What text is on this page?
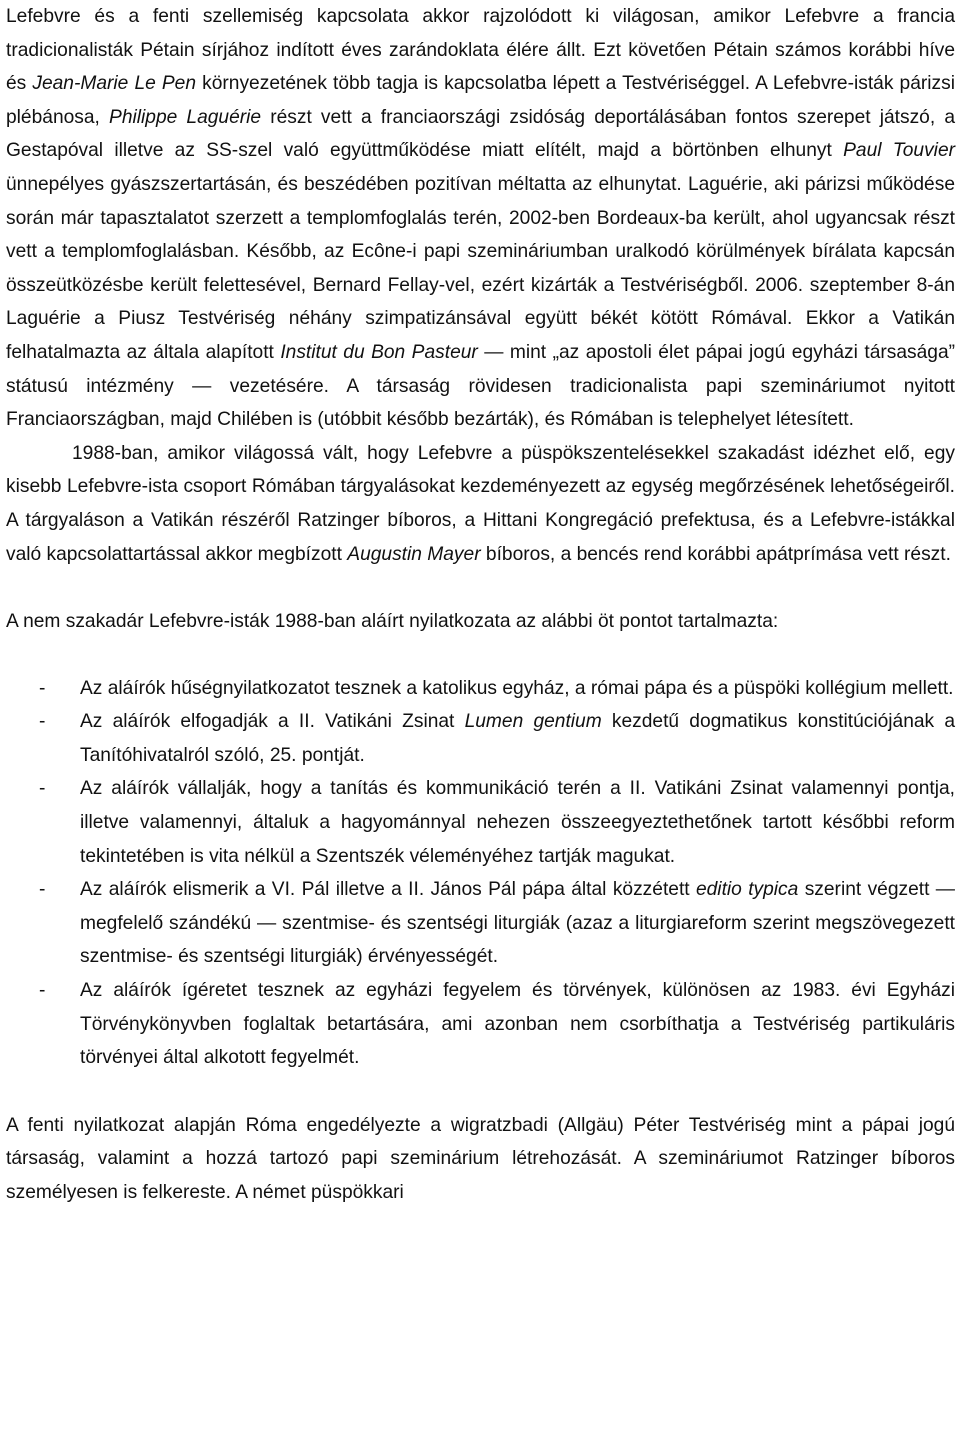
Lefebvre és a fenti szellemiség kapcsolata akkor rajzolódott ki világosan, amikor Lefebvre a francia tradicionalisták Pétain sírjához indított éves zarándoklata élére állt. Ezt követően Pétain számos korábbi híve és Jean-Marie Le Pen környezetének több tagja is kapcsolatba lépett a Testvériséggel. A Lefebvre-isták párizsi plébánosa, Philippe Laguérie részt vett a franciaországi zsidóság deportálásában fontos szerepet játszó, a Gestapóval illetve az SS-szel való együttműködése miatt elítélt, majd a börtönben elhunyt Paul Touvier ünnepélyes gyászszertartásán, és beszédében pozitívan méltatta az elhunytat. Laguérie, aki párizsi működése során már tapasztalatot szerzett a templomfoglalás terén, 2002-ben Bordeaux-ba került, ahol ugyancsak részt vett a templomfoglalásban. Később, az Ecône-i papi szemináriumban uralkodó körülmények bírálata kapcsán összeütközésbe került felettesével, Bernard Fellay-vel, ezért kizárták a Testvériségből. 2006. szeptember 8-án Laguérie a Piusz Testvériség néhány szimpatizánsával együtt békét kötött Rómával. Ekkor a Vatikán felhatalmazta az általa alapított Institut du Bon Pasteur — mint „az apostoli élet pápai jogú egyházi társasága” státusú intézmény — vezetésére. A társaság rövidesen tradicionalista papi szemináriumot nyitott Franciaországban, majd Chilében is (utóbbit később bezárták), és Rómában is telephelyet létesített.

1988-ban, amikor világossá vált, hogy Lefebvre a püspökszentelésekkel szakadást idézhet elő, egy kisebb Lefebvre-ista csoport Rómában tárgyalásokat kezdeményezett az egység megőrzésének lehetőségeiről. A tárgyaláson a Vatikán részéről Ratzinger bíboros, a Hittani Kongregáció prefektusa, és a Lefebvre-istákkal való kapcsolattartással akkor megbízott Augustin Mayer bíboros, a bencés rend korábbi apátprímása vett részt.

A nem szakadár Lefebvre-isták 1988-ban aláírt nyilatkozata az alábbi öt pontot tartalmazta:

- Az aláírók hűségnyilatkozatot tesznek a katolikus egyház, a római pápa és a püspöki kollégium mellett.
- Az aláírók elfogadják a II. Vatikáni Zsinat Lumen gentium kezdetű dogmatikus konstitúciójának a Tanítóhivatalról szóló, 25. pontját.
- Az aláírók vállalják, hogy a tanítás és kommunikáció terén a II. Vatikáni Zsinat valamennyi pontja, illetve valamennyi, általuk a hagyománnyal nehezen összeegyeztethetőnek tartott későbbi reform tekintetében is vita nélkül a Szentszék véleményéhez tartják magukat.
- Az aláírók elismerik a VI. Pál illetve a II. János Pál pápa által közzétett editio typica szerint végzett — megfelelő szándékú — szentmise- és szentségi liturgiák (azaz a liturgiareform szerint megszövegezett szentmise- és szentségi liturgiák) érvényességét.
- Az aláírók ígéretet tesznek az egyházi fegyelem és törvények, különösen az 1983. évi Egyházi Törvénykönyvben foglaltak betartására, ami azonban nem csorbíthatja a Testvériség partikuláris törvényei által alkotott fegyelmét.

A fenti nyilatkozat alapján Róma engedélyezte a wigratzbadi (Allgäu) Péter Testvériség mint a pápai jogú társaság, valamint a hozzá tartozó papi szeminárium létrehozását. A szemináriumot Ratzinger bíboros személyesen is felkereste. A német püspökkari
